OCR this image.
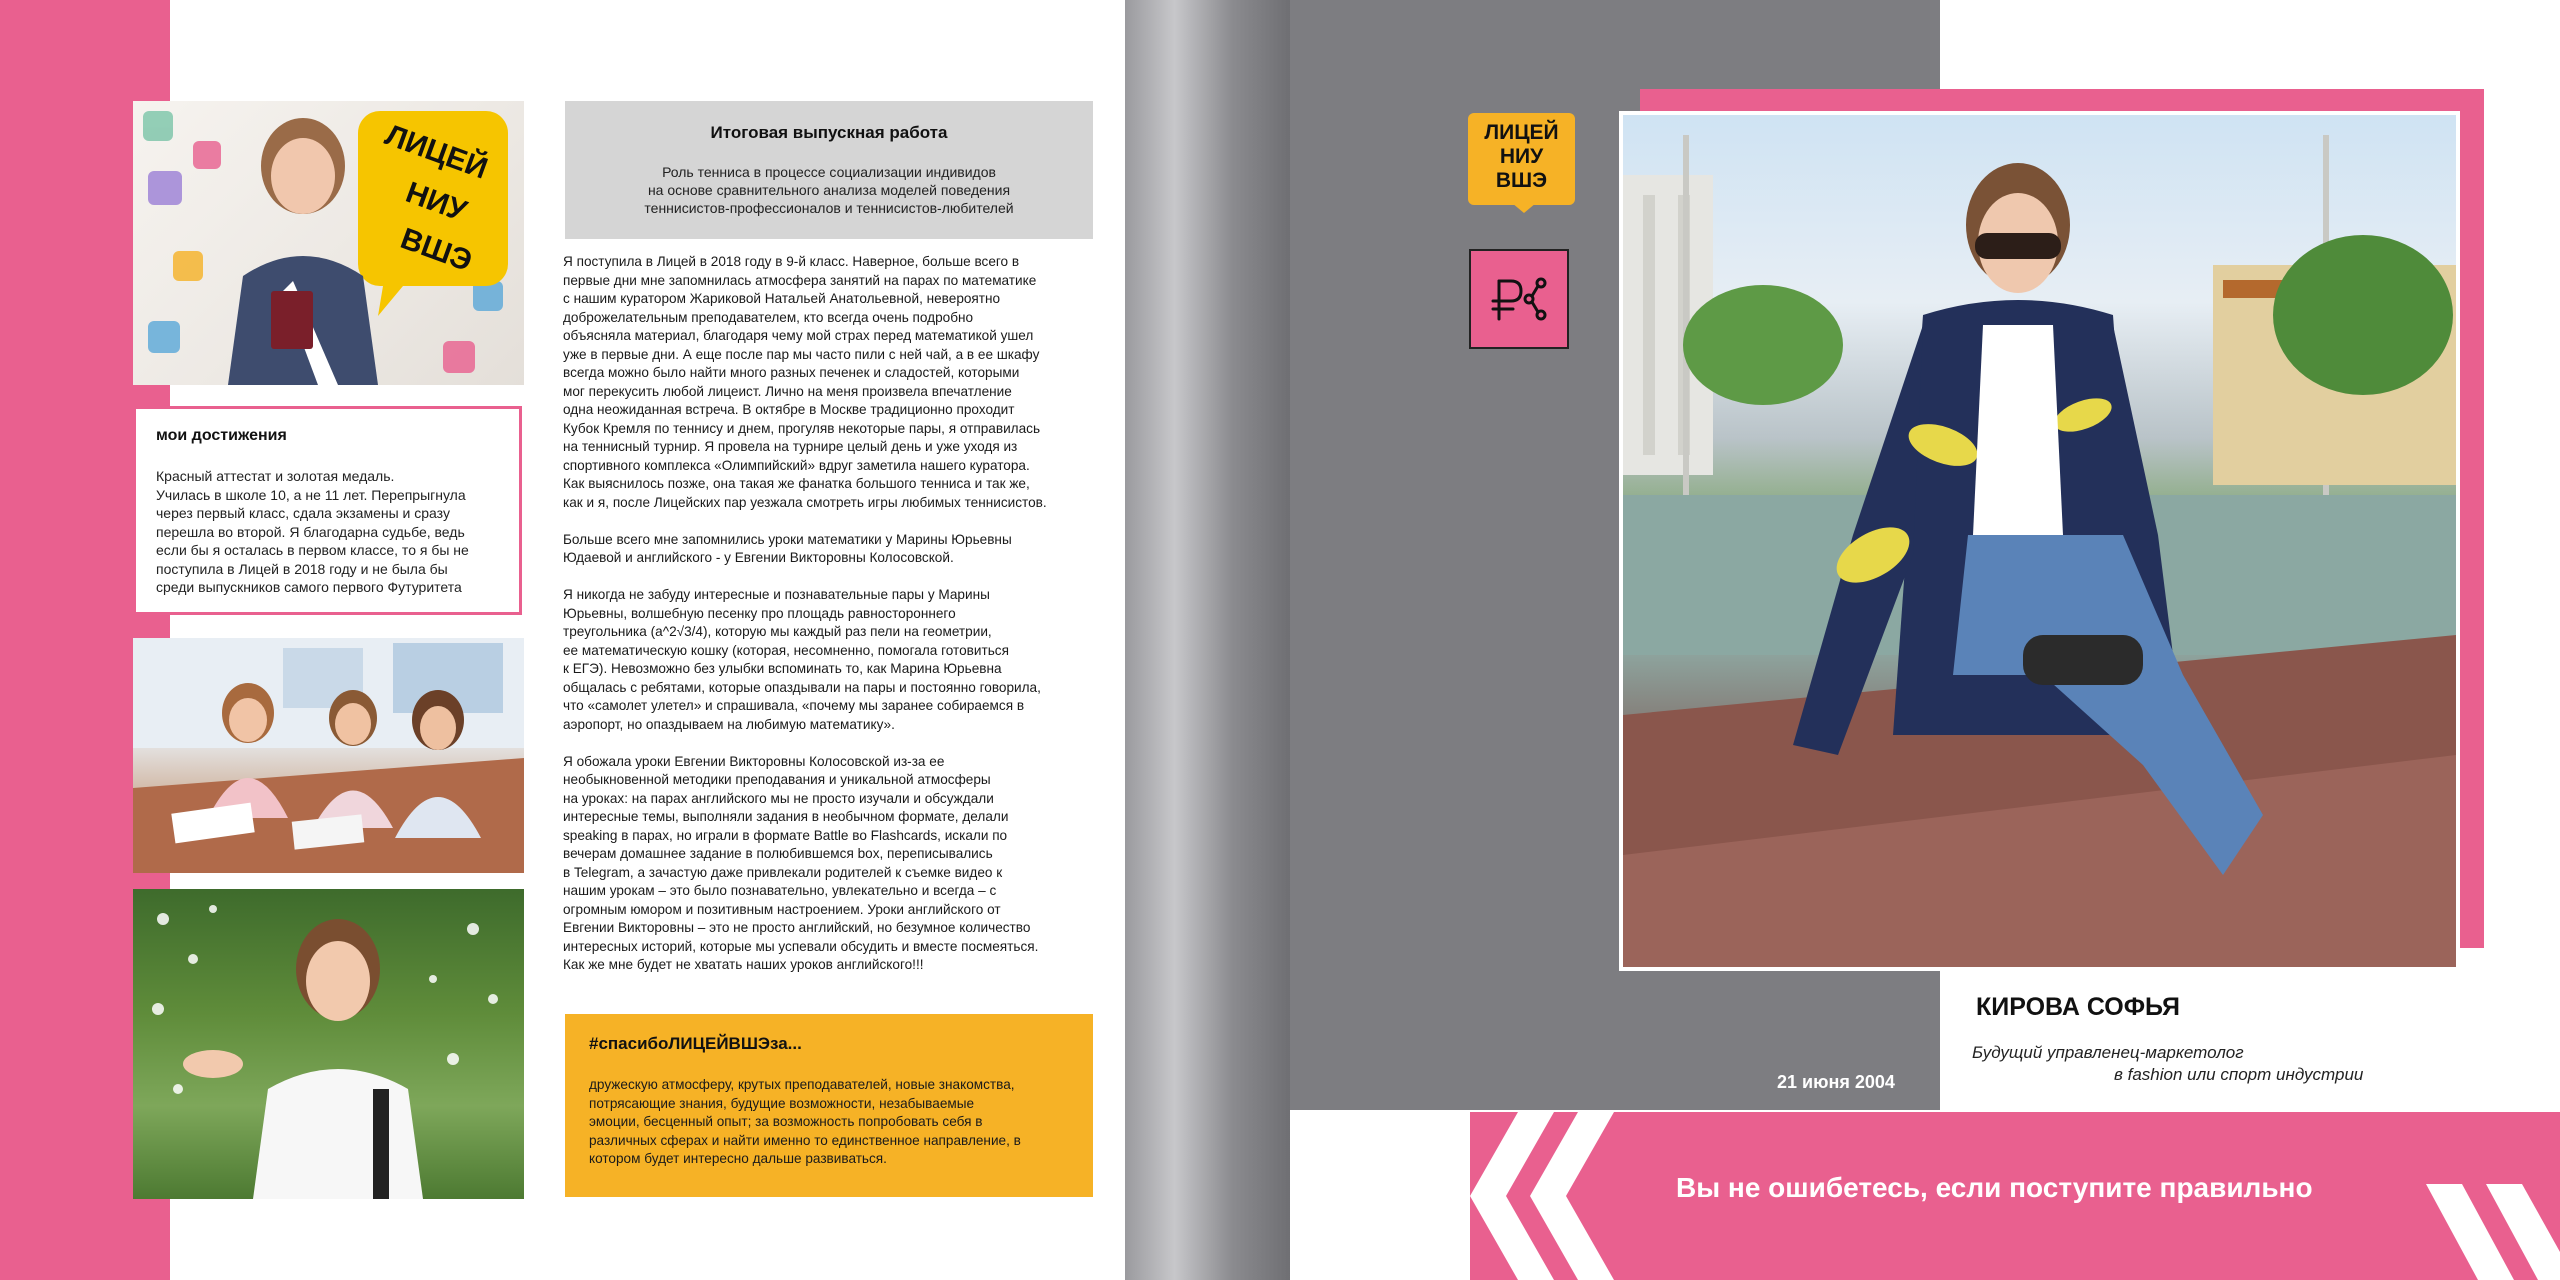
ЛИЦЕЙ
НИУ
ВШЭ
мои достижения
Красный аттестат и золотая медаль.
Училась в школе 10, а не 11 лет. Перепрыгнула
через первый класс, сдала экзамены и сразу
перешла во второй. Я благодарна судьбе, ведь
если бы я осталась в первом классе, то я бы не
поступила в Лицей в 2018 году и не была бы
среди выпускников самого первого Футуритета
Итоговая выпускная работа
Роль тенниса в процессе социализации индивидов
на основе сравнительного анализа моделей поведения
теннисистов-профессионалов и теннисистов-любителей

Я поступила в Лицей в 2018 году в 9-й класс. Наверное, больше всего в
первые дни мне запомнилась атмосфера занятий на парах по математике
с нашим куратором Жариковой Натальей Анатольевной, невероятно
доброжелательным преподавателем, кто всегда очень подробно
объясняла материал, благодаря чему мой страх перед математикой ушел
уже в первые дни. А еще после пар мы часто пили с ней чай, а в ее шкафу
всегда можно было найти много разных печенек и сладостей, которыми
мог перекусить любой лицеист. Лично на меня произвела впечатление
одна неожиданная встреча. В октябре в Москве традиционно проходит
Кубок Кремля по теннису и днем, прогуляв некоторые пары, я отправилась
на теннисный турнир. Я провела на турнире целый день и уже уходя из
спортивного комплекса «Олимпийский» вдруг заметила нашего куратора.
Как выяснилось позже, она такая же фанатка большого тенниса и так же,
как и я, после Лицейских пар уезжала смотреть игры любимых теннисистов.

Больше всего мне запомнились уроки математики у Марины Юрьевны
Юдаевой и английского - у Евгении Викторовны Колосовской.

Я никогда не забуду интересные и познавательные пары у Марины
Юрьевны, волшебную песенку про площадь равностороннего
треугольника (a^2√3/4), которую мы каждый раз пели на геометрии,
ее математическую кошку (которая, несомненно, помогала готовиться
к ЕГЭ). Невозможно без улыбки вспоминать то, как Марина Юрьевна
общалась с ребятами, которые опаздывали на пары и постоянно говорила,
что «самолет улетел» и спрашивала, «почему мы заранее собираемся в
аэропорт, но опаздываем на любимую математику».

Я обожала уроки Евгении Викторовны Колосовской из-за ее
необыкновенной методики преподавания и уникальной атмосферы
на уроках: на парах английского мы не просто изучали и обсуждали
интересные темы, выполняли задания в необычном формате, делали
speaking в парах, но играли в формате Battle во Flashcards, искали по
вечерам домашнее задание в полюбившемся box, переписывались
в Telegram, а зачастую даже привлекали родителей к съемке видео к
нашим урокам – это было познавательно, увлекательно и всегда – с
огромным юмором и позитивным настроением. Уроки английского от
Евгении Викторовны – это не просто английский, но безумное количество
интересных историй, которые мы успевали обсудить и вместе посмеяться.
Как же мне будет не хватать наших уроков английского!!!

#спасибоЛИЦЕЙВШЭза...
дружескую атмосферу, крутых преподавателей, новые знакомства,
потрясающие знания, будущие возможности, незабываемые
эмоции, бесценный опыт; за возможность попробовать себя в
различных сферах и найти именно то единственное направление, в
котором будет интересно дальше развиваться.
ЛИЦЕЙ
НИУ
ВШЭ
КИРОВА СОФЬЯ
Будущий управленец-маркетолог
в fashion или спорт индустрии
21 июня 2004
Вы не ошибетесь, если поступите правильно
